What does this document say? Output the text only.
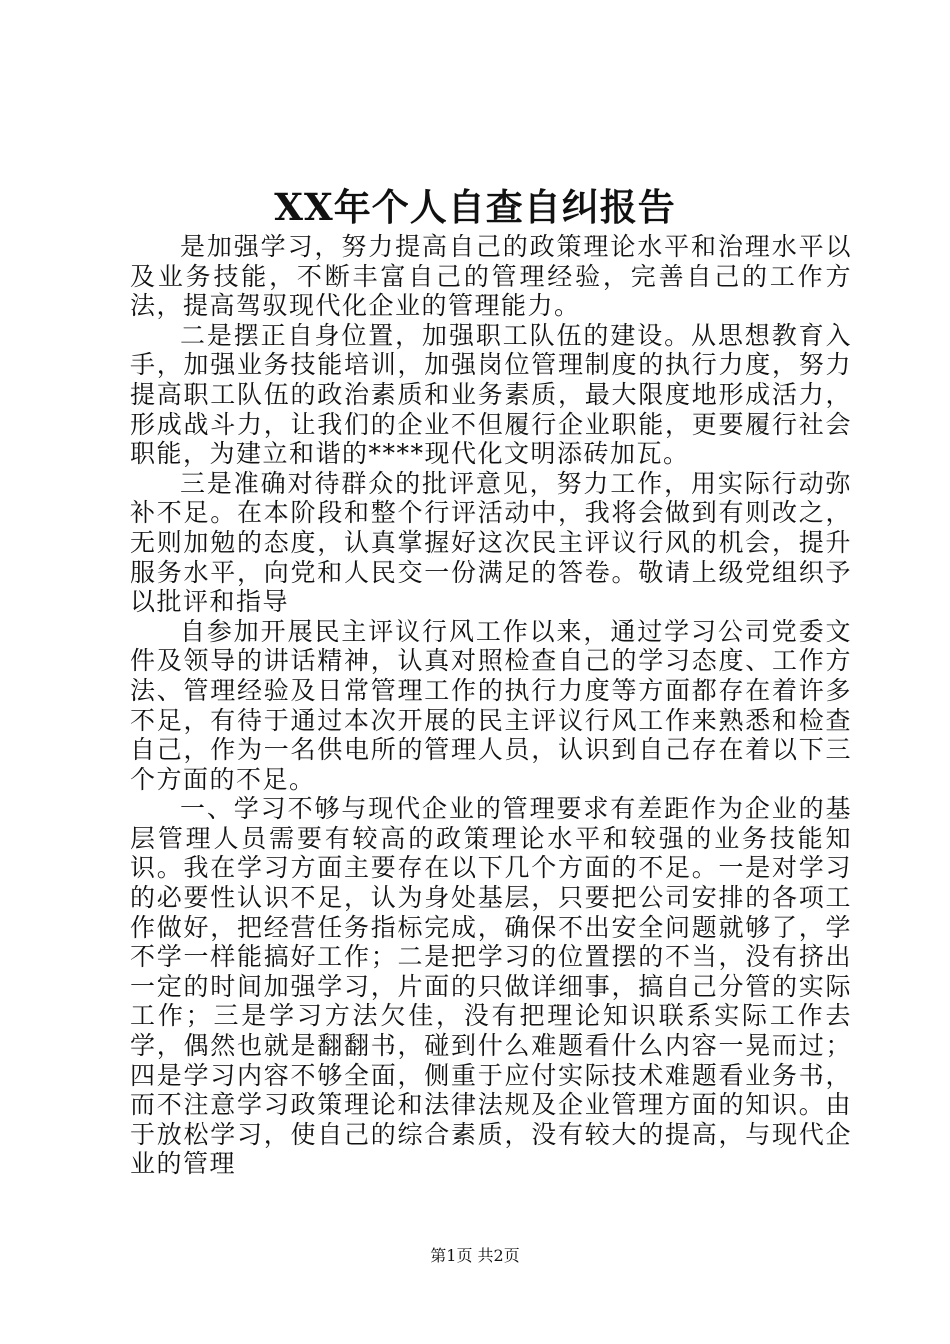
XX年个人自查自纠报告

是加强学习，努力提高自己的政策理论水平和治理水平以及业务技能，不断丰富自己的管理经验，完善自己的工作方法，提高驾驭现代化企业的管理能力。

二是摆正自身位置，加强职工队伍的建设。从思想教育入手，加强业务技能培训，加强岗位管理制度的执行力度，努力提高职工队伍的政治素质和业务素质，最大限度地形成活力，形成战斗力，让我们的企业不但履行企业职能，更要履行社会职能，为建立和谐的****现代化文明添砖加瓦。

三是准确对待群众的批评意见，努力工作，用实际行动弥补不足。在本阶段和整个行评活动中，我将会做到有则改之，无则加勉的态度，认真掌握好这次民主评议行风的机会，提升服务水平，向党和人民交一份满足的答卷。敬请上级党组织予以批评和指导

自参加开展民主评议行风工作以来，通过学习公司党委文件及领导的讲话精神，认真对照检查自己的学习态度、工作方法、管理经验及日常管理工作的执行力度等方面都存在着许多不足，有待于通过本次开展的民主评议行风工作来熟悉和检查自己，作为一名供电所的管理人员，认识到自己存在着以下三个方面的不足。

一、学习不够与现代企业的管理要求有差距作为企业的基层管理人员需要有较高的政策理论水平和较强的业务技能知识。我在学习方面主要存在以下几个方面的不足。一是对学习的必要性认识不足，认为身处基层，只要把公司安排的各项工作做好，把经营任务指标完成，确保不出安全问题就够了，学不学一样能搞好工作；二是把学习的位置摆的不当，没有挤出一定的时间加强学习，片面的只做详细事，搞自己分管的实际工作；三是学习方法欠佳，没有把理论知识联系实际工作去学，偶然也就是翻翻书，碰到什么难题看什么内容一晃而过；四是学习内容不够全面，侧重于应付实际技术难题看业务书，而不注意学习政策理论和法律法规及企业管理方面的知识。由于放松学习，使自己的综合素质，没有较大的提高，与现代企业的管理

第1页 共2页
